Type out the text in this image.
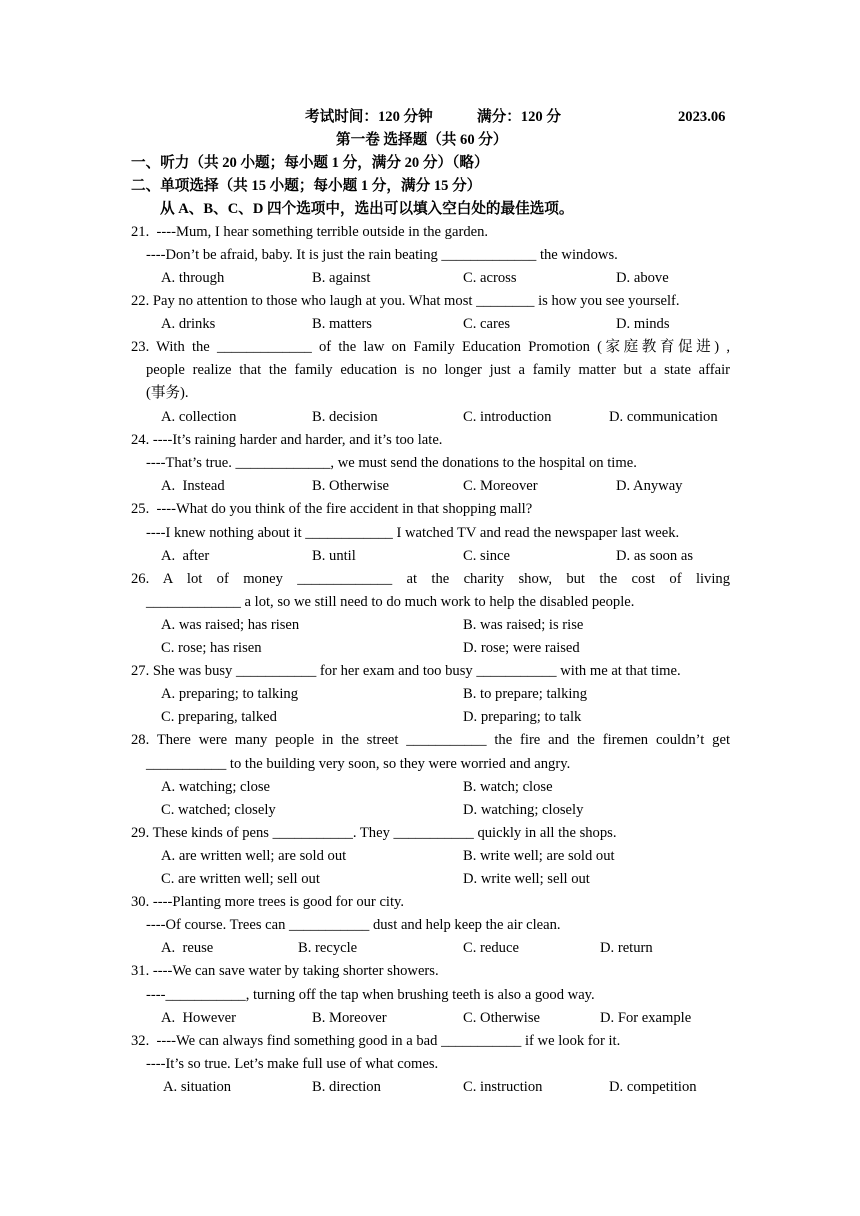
考试时间：120 分钟	满分：120 分	2023.06
第一卷 选择题（共 60 分）
一、听力（共 20 小题；每小题 1 分，满分 20 分）（略）
二、单项选择（共 15 小题；每小题 1 分，满分 15 分）
从 A、B、C、D 四个选项中，选出可以填入空白处的最佳选项。
21.  ----Mum, I hear something terrible outside in the garden.
----Don’t be afraid, baby. It is just the rain beating _____________ the windows.
A. through	B. against	C. across	D. above
22. Pay no attention to those who laugh at you. What most ________ is how you see yourself.
A. drinks	B. matters	C. cares	D. minds
23. With the _____________ of the law on Family Education Promotion (家庭教育促进) ,
people realize that the family education is no longer just a family matter but a state affair
(事务).
A. collection	B. decision	C. introduction	D. communication
24. ----It’s raining harder and harder, and it’s too late.
----That’s true. _____________, we must send the donations to the hospital on time.
A.  Instead	B. Otherwise	C. Moreover	D. Anyway
25.  ----What do you think of the fire accident in that shopping mall?
----I knew nothing about it ____________ I watched TV and read the newspaper last week.
A.  after	B. until	C. since	D. as soon as
26. A lot of money _____________ at the charity show, but the cost of living
_____________ a lot, so we still need to do much work to help the disabled people.
A. was raised; has risen	B. was raised; is rise
C. rose; has risen	D. rose; were raised
27. She was busy ___________ for her exam and too busy ___________ with me at that time.
A. preparing; to talking	B. to prepare; talking
C. preparing, talked	D. preparing; to talk
28. There were many people in the street ___________ the fire and the firemen couldn’t get
___________ to the building very soon, so they were worried and angry.
A. watching; close	B. watch; close
C. watched; closely	D. watching; closely
29. These kinds of pens ___________. They ___________ quickly in all the shops.
A. are written well; are sold out	B. write well; are sold out
C. are written well; sell out	D. write well; sell out
30. ----Planting more trees is good for our city.
----Of course. Trees can ___________ dust and help keep the air clean.
A.  reuse	B. recycle	C. reduce	D. return
31. ----We can save water by taking shorter showers.
----___________, turning off the tap when brushing teeth is also a good way.
A.  However	B. Moreover	C. Otherwise	D. For example
32.  ----We can always find something good in a bad ___________ if we look for it.
----It’s so true. Let’s make full use of what comes.
A. situation	B. direction	C. instruction	D. competition
